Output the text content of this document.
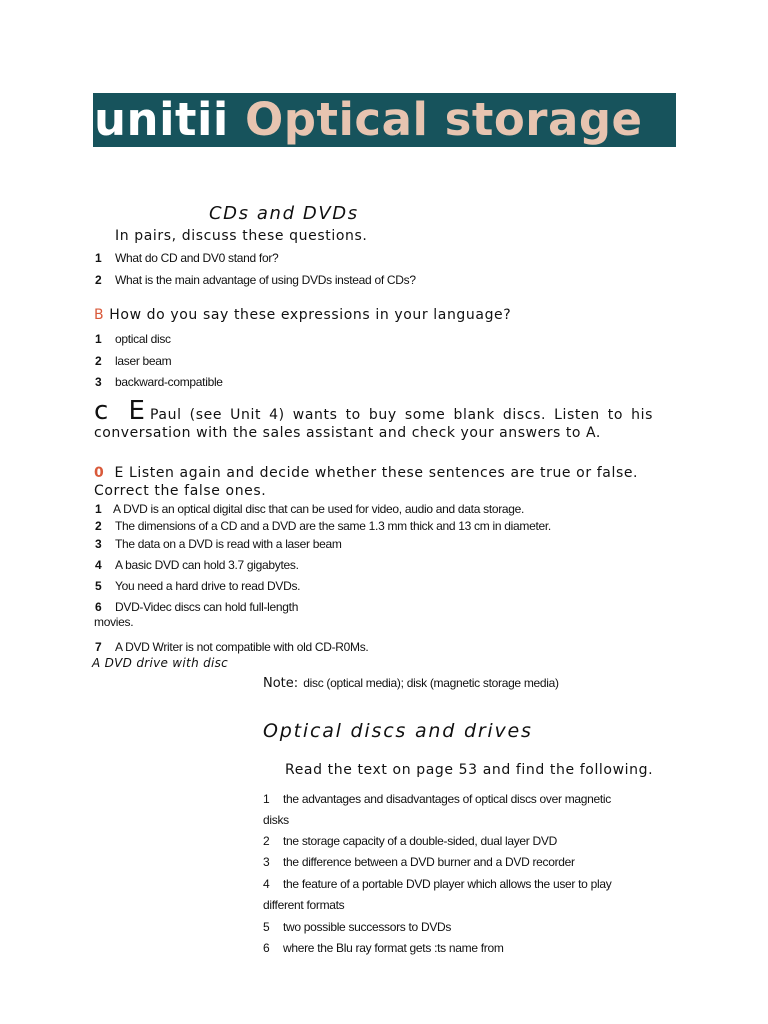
unitii Optical storage
CDs and DVDs
In pairs, discuss these questions.
1 What do CD and DV0 stand for?
2 What is the main advantage of using DVDs instead of CDs?
B How do you say these expressions in your language?
1 optical disc
2 laser beam
3 backward-compatible
c E Paul (see Unit 4) wants to buy some blank discs. Listen to his
conversation with the sales assistant and check your answers to A.
0 E Listen again and decide whether these sentences are true or false.
Correct the false ones.
1 A DVD is an optical digital disc that can be used for video, audio and data storage.
2 The dimensions of a CD and a DVD are the same 1.3 mm thick and 13 cm in diameter.
3 The data on a DVD is read with a laser beam
4 A basic DVD can hold 3.7 gigabytes.
5 You need a hard drive to read DVDs.
6 DVD-Videc discs can hold full-length
movies.
7 A DVD Writer is not compatible with old CD-R0Ms.
A DVD drive with disc
Note: disc (optical media); disk (magnetic storage media)
Optical discs and drives
Read the text on page 53 and find the following.
1 the advantages and disadvantages of optical discs over magnetic
disks
2 tne storage capacity of a double-sided, dual layer DVD
3 the difference between a DVD burner and a DVD recorder
4 the feature of a portable DVD player which allows the user to play
different formats
5 two possible successors to DVDs
6 where the Blu ray format gets :ts name from
